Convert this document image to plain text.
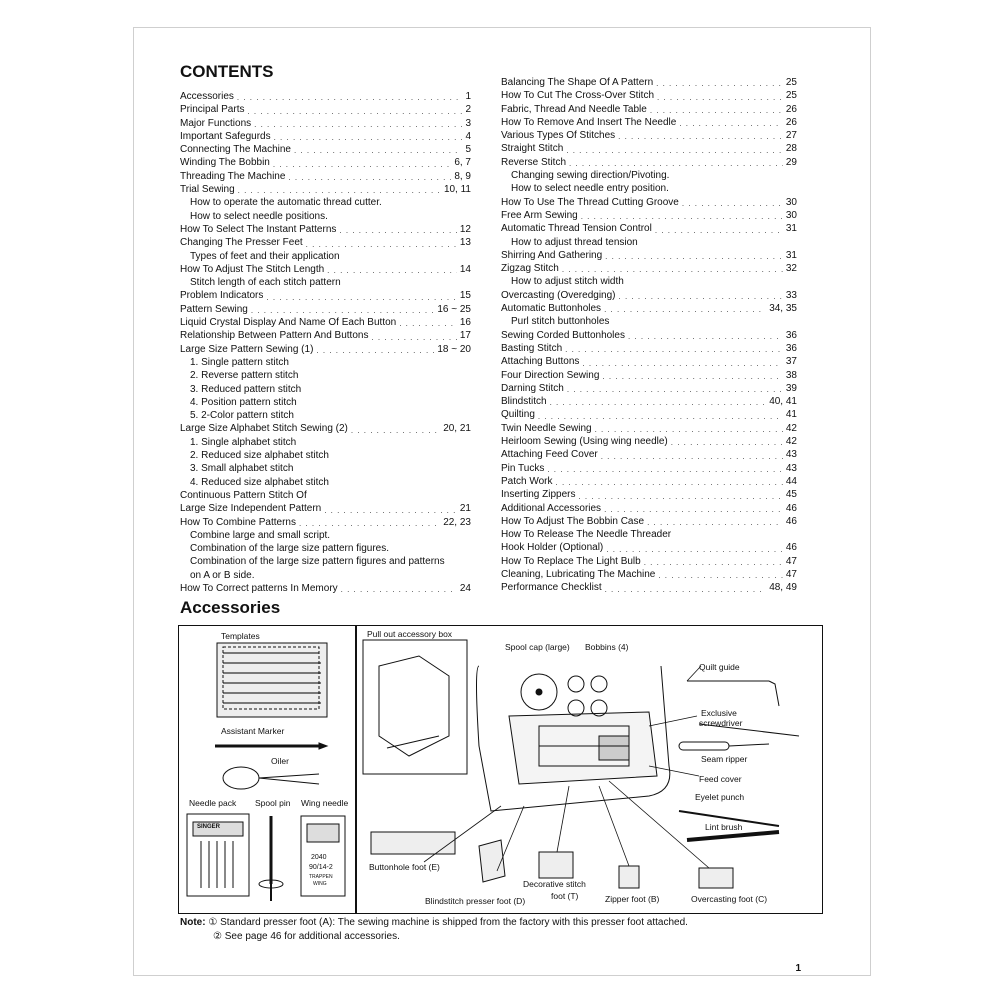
CONTENTS
Accessories . . .	1
Principal Parts . . .	2
Major Functions . . .	3
Important Safegurds . . .	4
Connecting The Machine . . .	5
Winding The Bobbin . . .	6, 7
Threading The Machine . . .	8, 9
Trial Sewing . . .	10, 11
How to operate the automatic thread cutter.
How to select needle positions.
How To Select The Instant Patterns . . .	12
Changing The Presser Feet . . .	13
Types of feet and their application
How To Adjust The Stitch Length . . .	14
Stitch length of each stitch pattern
Problem Indicators . . .	15
Pattern Sewing . . .	16 ~ 25
Liquid Crystal Display And Name Of Each Button . . .	16
Relationship Between Pattern And Buttons . . .	17
Large Size Pattern Sewing (1) . . .	18 ~ 20
1. Single pattern stitch
2. Reverse pattern stitch
3. Reduced pattern stitch
4. Position pattern stitch
5. 2-Color pattern stitch
Large Size Alphabet Stitch Sewing (2) . . .	20, 21
1. Single alphabet stitch
2. Reduced size alphabet stitch
3. Small alphabet stitch
4. Reduced size alphabet stitch
Continuous Pattern Stitch Of
Large Size Independent Pattern . . .	21
How To Combine Patterns . . .	22, 23
Combine large and small script.
Combination of the large size pattern figures.
Combination of the large size pattern figures and patterns
on A or B side.
How To Correct patterns In Memory . . .	24
Balancing The Shape Of A Pattern . . .	25
How To Cut The Cross-Over Stitch . . .	25
Fabric, Thread And Needle Table . . .	26
How To Remove And Insert The Needle . . .	26
Various Types Of Stitches . . .	27
Straight Stitch . . .	28
Reverse Stitch . . .	29
Changing sewing direction/Pivoting.
How to select needle entry position.
How To Use The Thread Cutting Groove . . .	30
Free Arm Sewing . . .	30
Automatic Thread Tension Control . . .	31
How to adjust thread tension
Shirring And Gathering . . .	31
Zigzag Stitch . . .	32
How to adjust stitch width
Overcasting (Overedging) . . .	33
Automatic Buttonholes . . .	34, 35
Purl stitch buttonholes
Sewing Corded Buttonholes . . .	36
Basting Stitch . . .	36
Attaching Buttons . . .	37
Four Direction Sewing . . .	38
Darning Stitch . . .	39
Blindstitch . . .	40, 41
Quilting . . .	41
Twin Needle Sewing . . .	42
Heirloom Sewing (Using wing needle) . . .	42
Attaching Feed Cover . . .	43
Pin Tucks . . .	43
Patch Work . . .	44
Inserting Zippers . . .	45
Additional Accessories . . .	46
How To Adjust The Bobbin Case . . .	46
How To Release The Needle Threader
Hook Holder (Optional) . . .	46
How To Replace The Light Bulb . . .	47
Cleaning, Lubricating The Machine . . .	47
Performance Checklist . . .	48, 49
Accessories
Templates
Assistant Marker
Oiler
Needle pack Spool pin Wing needle
SINGER
2040
90/14-2
TRAPPEN
WING
Pull out accessory box
Spool cap (large) Bobbins (4)
Quilt guide
Exclusive
screwdriver
Seam ripper
Feed cover
Eyelet punch
Lint brush
Buttonhole foot (E)
Blindstitch presser foot (D)
Decorative stitch
foot (T)	Zipper foot (B)	Overcasting foot (C)
Note: ① Standard presser foot (A): The sewing machine is shipped from the factory with this presser foot attached.
② See page 46 for additional accessories.
1
